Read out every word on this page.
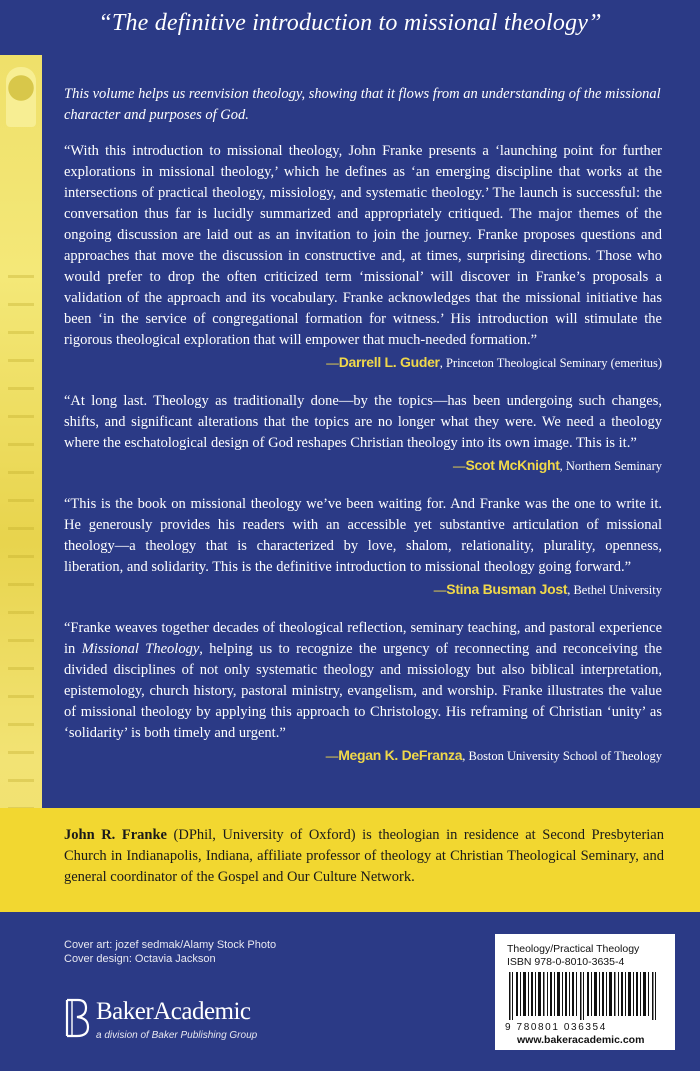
“The definitive introduction to missional theology”

This volume helps us reenvision theology, showing that it flows from an understanding of the missional character and purposes of God.

“With this introduction to missional theology, John Franke presents a ‘launching point for further explorations in missional theology,’ which he defines as ‘an emerging discipline that works at the intersections of practical theology, missiology, and systematic theology.’ The launch is successful: the conversation thus far is lucidly summarized and appropriately critiqued. The major themes of the ongoing discussion are laid out as an invitation to join the journey. Franke proposes questions and approaches that move the discussion in constructive and, at times, surprising directions. Those who would prefer to drop the often criticized term ‘missional’ will discover in Franke’s proposals a validation of the approach and its vocabulary. Franke acknowledges that the missional initiative has been ‘in the service of congregational formation for witness.’ His introduction will stimulate the rigorous theological exploration that will empower that much-needed formation.”

—Darrell L. Guder, Princeton Theological Seminary (emeritus)

“At long last. Theology as traditionally done—by the topics—has been undergoing such changes, shifts, and significant alterations that the topics are no longer what they were. We need a theology where the eschatological design of God reshapes Christian theology into its own image. This is it.”

—Scot McKnight, Northern Seminary

“This is the book on missional theology we’ve been waiting for. And Franke was the one to write it. He generously provides his readers with an accessible yet substantive articulation of missional theology—a theology that is characterized by love, shalom, relationality, plurality, openness, liberation, and solidarity. This is the definitive introduction to missional theology going forward.”

—Stina Busman Jost, Bethel University

“Franke weaves together decades of theological reflection, seminary teaching, and pastoral experience in Missional Theology, helping us to recognize the urgency of reconnecting and reconceiving the divided disciplines of not only systematic theology and missiology but also biblical interpretation, epistemology, church history, pastoral ministry, evangelism, and worship. Franke illustrates the value of missional theology by applying this approach to Christology. His reframing of Christian ‘unity’ as ‘solidarity’ is both timely and urgent.”

—Megan K. DeFranza, Boston University School of Theology

John R. Franke (DPhil, University of Oxford) is theologian in residence at Second Presbyterian Church in Indianapolis, Indiana, affiliate professor of theology at Christian Theological Seminary, and general coordinator of the Gospel and Our Culture Network.

Cover art: jozef sedmak/Alamy Stock Photo
Cover design: Octavia Jackson
BakerAcademic
a division of Baker Publishing Group
Theology/Practical Theology
ISBN 978-0-8010-3635-4
9 780801 036354
www.bakeracademic.com
